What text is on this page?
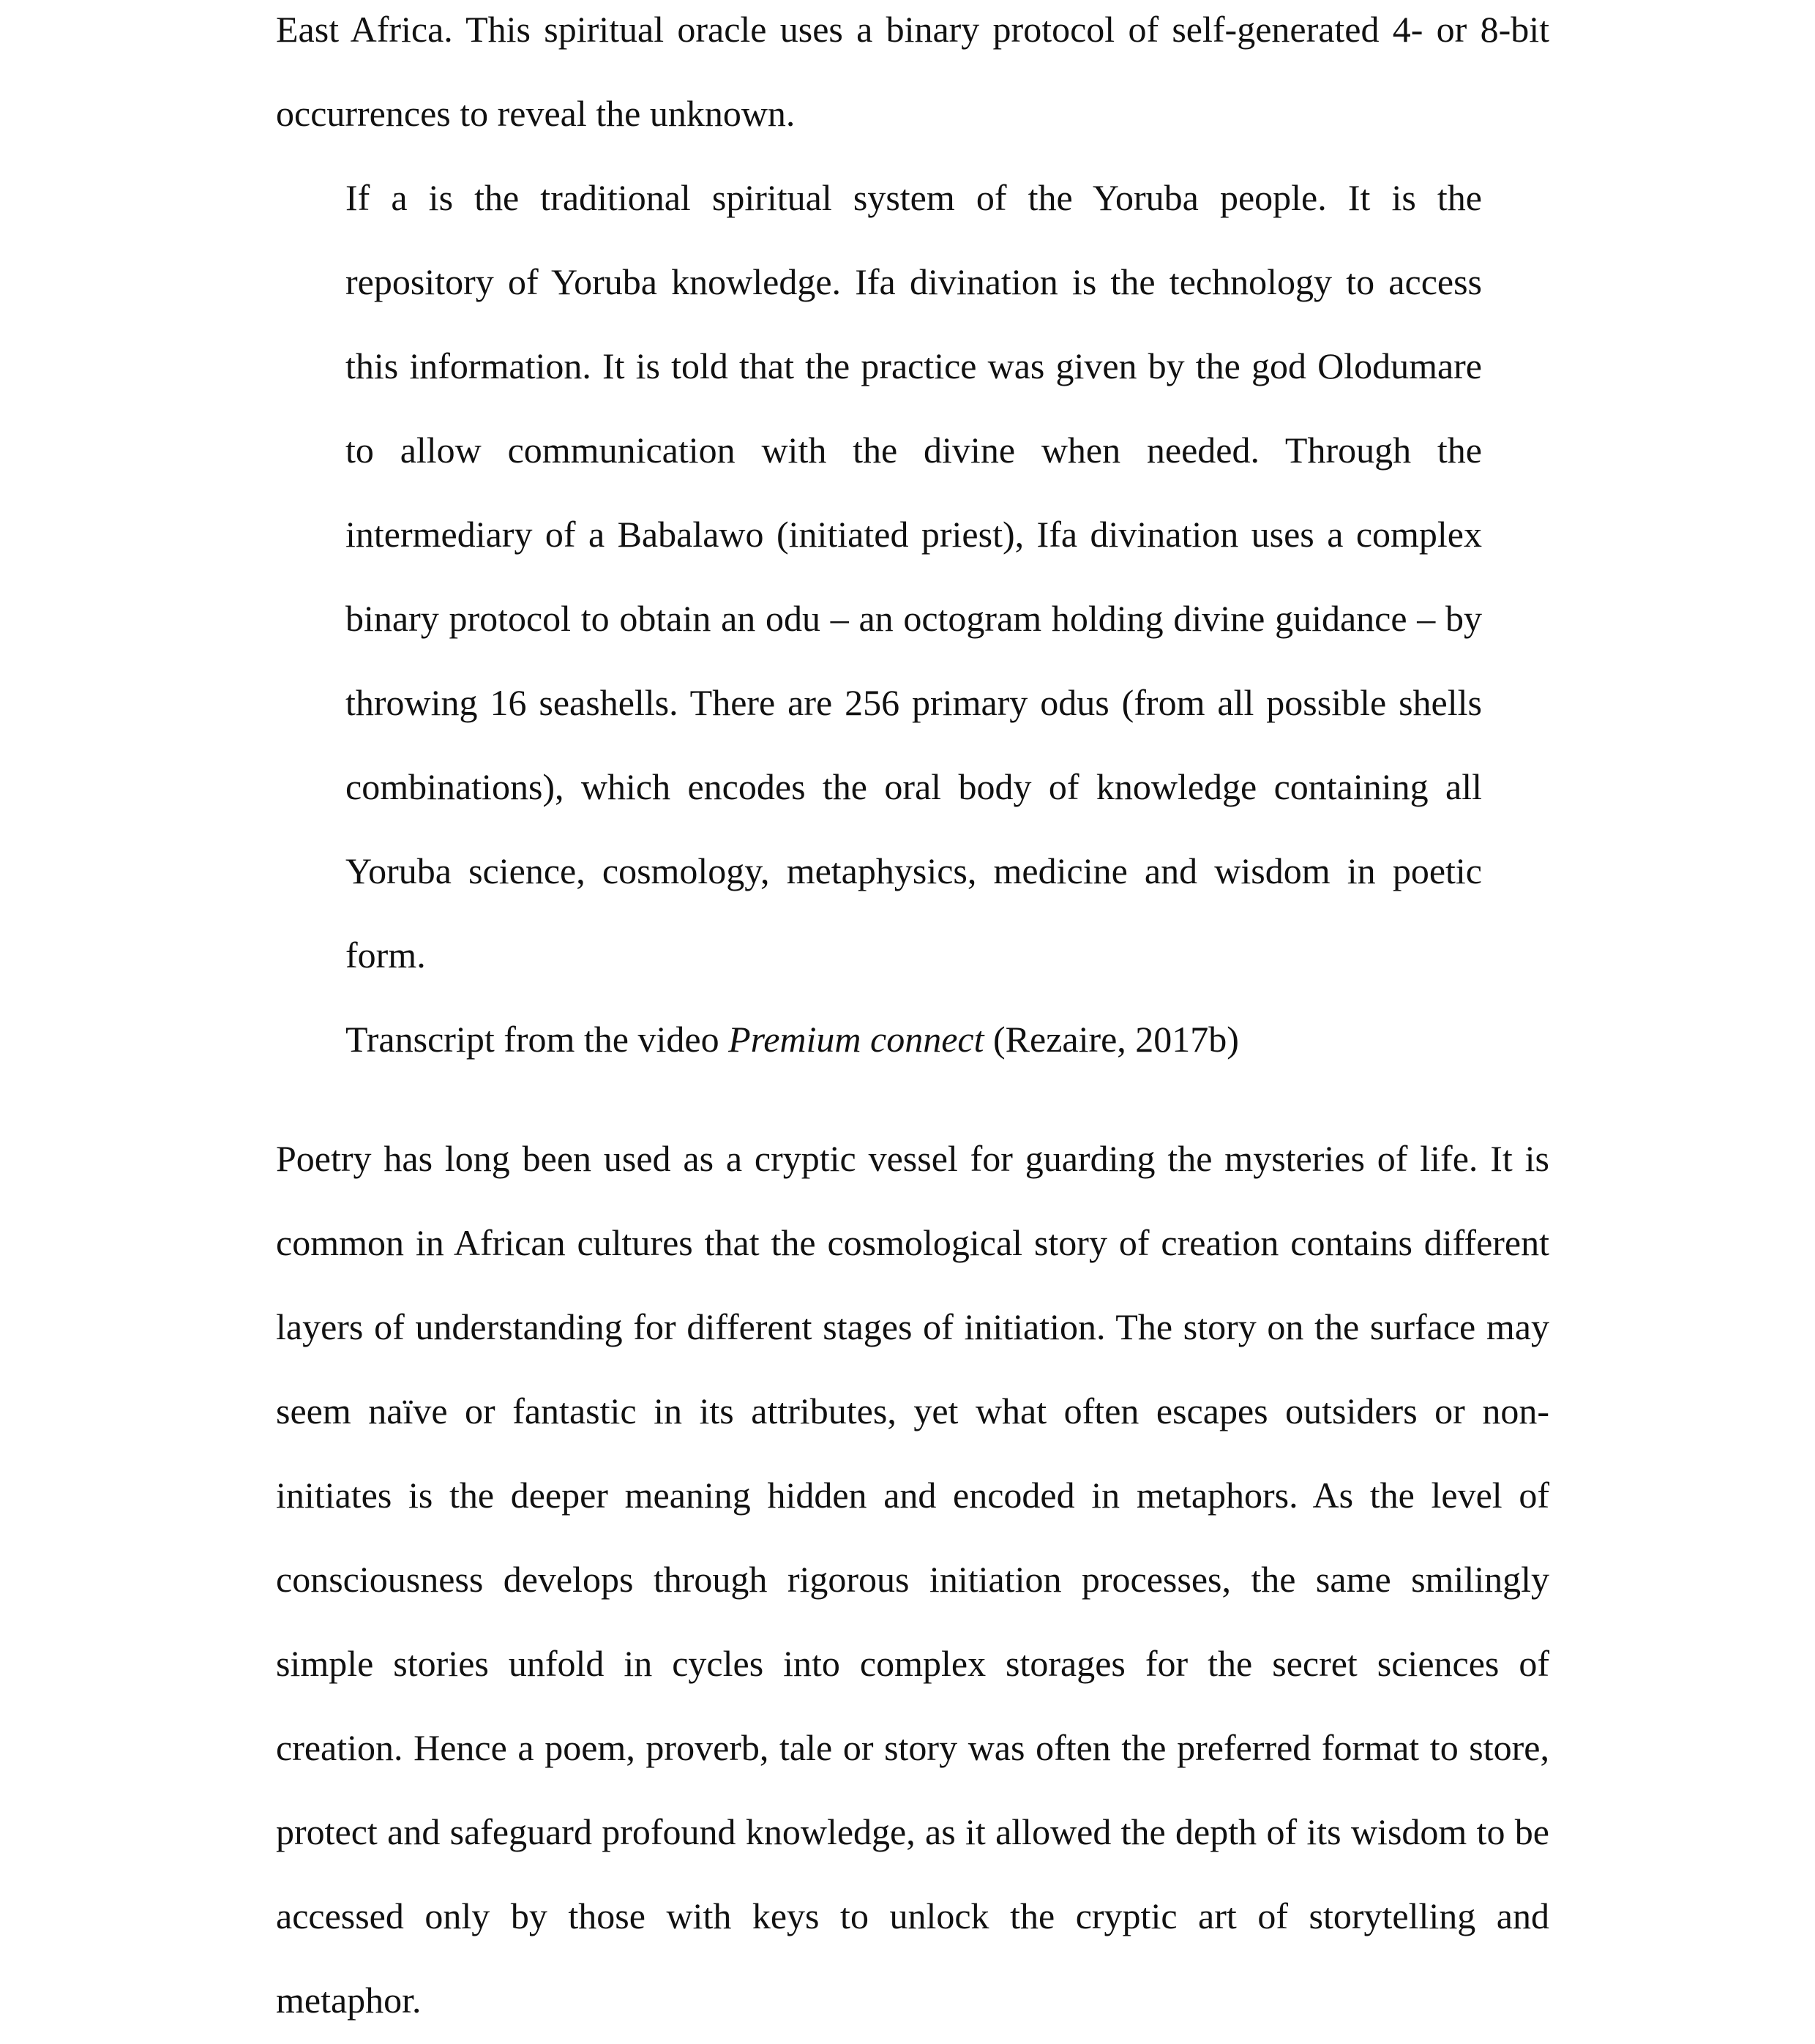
East Africa. This spiritual oracle uses a binary protocol of self-generated 4- or 8-bit
occurrences to reveal the unknown.
If a is the traditional spiritual system of the Yoruba people. It is the
repository of Yoruba knowledge. Ifa divination is the technology to access
this information. It is told that the practice was given by the god Olodumare
to allow communication with the divine when needed. Through the
intermediary of a Babalawo (initiated priest), Ifa divination uses a complex
binary protocol to obtain an odu – an octogram holding divine guidance – by
throwing 16 seashells. There are 256 primary odus (from all possible shells
combinations), which encodes the oral body of knowledge containing all
Yoruba science, cosmology, metaphysics, medicine and wisdom in poetic
form.
Transcript from the video Premium connect (Rezaire, 2017b)
Poetry has long been used as a cryptic vessel for guarding the mysteries of life. It is
common in African cultures that the cosmological story of creation contains different
layers of understanding for different stages of initiation. The story on the surface may
seem naïve or fantastic in its attributes, yet what often escapes outsiders or non-
initiates is the deeper meaning hidden and encoded in metaphors. As the level of
consciousness develops through rigorous initiation processes, the same smilingly
simple stories unfold in cycles into complex storages for the secret sciences of
creation. Hence a poem, proverb, tale or story was often the preferred format to store,
protect and safeguard profound knowledge, as it allowed the depth of its wisdom to be
accessed only by those with keys to unlock the cryptic art of storytelling and
metaphor.
